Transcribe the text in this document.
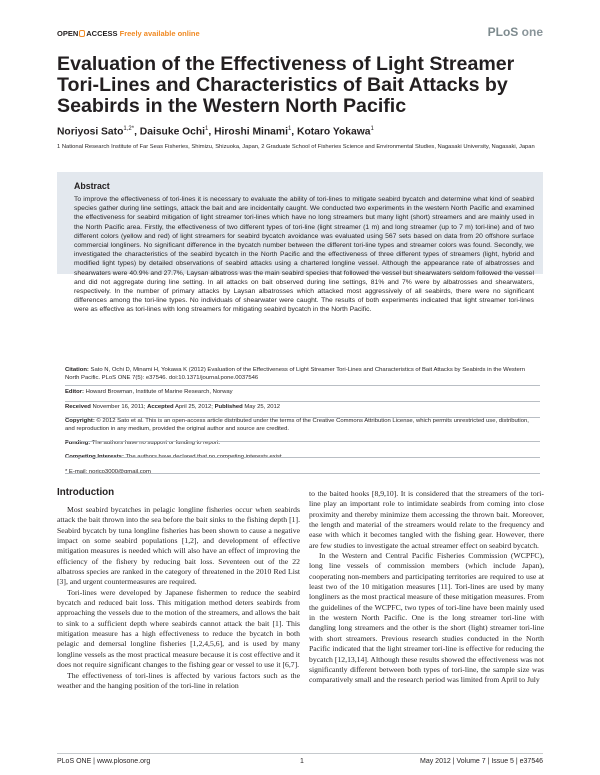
OPEN ACCESS Freely available online	PLoS one
Evaluation of the Effectiveness of Light Streamer Tori-Lines and Characteristics of Bait Attacks by Seabirds in the Western North Pacific
Noriyosi Sato$^{1,2*}$, Daisuke Ochi$^1$, Hiroshi Minami$^1$, Kotaro Yokawa$^1$
1 National Research Institute of Far Seas Fisheries, Shimizu, Shizuoka, Japan, 2 Graduate School of Fisheries Science and Environmental Studies, Nagasaki University, Nagasaki, Japan
Abstract

To improve the effectiveness of tori-lines it is necessary to evaluate the ability of tori-lines to mitigate seabird bycatch and determine what kind of seabird species gather during line settings, attack the bait and are incidentally caught. We conducted two experiments in the western North Pacific and examined the effectiveness for seabird mitigation of light streamer tori-lines which have no long streamers but many light (short) streamers and are mainly used in the North Pacific area. Firstly, the effectiveness of two different types of tori-line (light streamer (1 m) and long streamer (up to 7 m) tori-line) and of two different colors (yellow and red) of light streamers for seabird bycatch avoidance was evaluated using 567 sets based on data from 20 offshore surface commercial longliners. No significant difference in the bycatch number between the different tori-line types and streamer colors was found. Secondly, we investigated the characteristics of the seabird bycatch in the North Pacific and the effectiveness of three different types of streamers (light, hybrid and modified light types) by detailed observations of seabird attacks using a chartered longline vessel. Although the appearance rate of albatrosses and shearwaters were 40.9% and 27.7%, Laysan albatross was the main seabird species that followed the vessel but shearwaters seldom followed the vessel and did not aggregate during line setting. In all attacks on bait observed during line settings, 81% and 7% were by albatrosses and shearwaters, respectively. In the number of primary attacks by Laysan albatrosses which attacked most aggressively of all seabirds, there were no significant differences among the tori-line types. No individuals of shearwater were caught. The results of both experiments indicated that light streamer tori-lines were as effective as tori-lines with long streamers for mitigating seabird bycatch in the North Pacific.

Citation: Sato N, Ochi D, Minami H, Yokawa K (2012) Evaluation of the Effectiveness of Light Streamer Tori-Lines and Characteristics of Bait Attacks by Seabirds in the Western North Pacific. PLoS ONE 7(5): e37546. doi:10.1371/journal.pone.0037546

Editor: Howard Browman, Institute of Marine Research, Norway

Received November 16, 2011; Accepted April 25, 2012; Published May 25, 2012

Copyright: © 2012 Sato et al. This is an open-access article distributed under the terms of the Creative Commons Attribution License, which permits unrestricted use, distribution, and reproduction in any medium, provided the original author and source are credited.

Funding: The authors have no support or funding to report.

Competing Interests: The authors have declared that no competing interests exist.

* E-mail: norico3000@gmail.com

Introduction

Most seabird bycatches in pelagic longline fisheries occur when seabirds attack the bait thrown into the sea before the bait sinks to the fishing depth [1]. Seabird bycatch by tuna longline fisheries has been shown to cause a negative impact on some seabird populations [1,2], and development of effective mitigation measures is needed which will also have an effect of improving the efficiency of the fishery by reducing bait loss. Seventeen out of the 22 albatross species are ranked in the category of threatened in the 2010 Red List [3], and urgent countermeasures are required.

Tori-lines were developed by Japanese fishermen to reduce the seabird bycatch and reduced bait loss. This mitigation method deters seabirds from approaching the vessels due to the motion of the streamers, and allows the bait to sink to a sufficient depth where seabirds cannot attack the bait [1]. This mitigation measure has a high effectiveness to reduce the bycatch in both pelagic and demersal longline fisheries [1,2,4,5,6], and is used by many longline vessels as the most practical measure because it is cost effective and it does not require significant changes to the fishing gear or vessel to use it [6,7].

The effectiveness of tori-lines is affected by various factors such as the weather and the hanging position of the tori-line in relation

to the baited hooks [8,9,10]. It is considered that the streamers of the tori-line play an important role to intimidate seabirds from coming into close proximity and thereby minimize them accessing the thrown bait. Moreover, the length and material of the streamers would relate to the frequency and ease with which it becomes tangled with the fishing gear. However, there are few studies to investigate the actual streamer effect on seabird bycatch.

In the Western and Central Pacific Fisheries Commission (WCPFC), long line vessels of commission members (which include Japan), cooperating non-members and participating territories are required to use at least two of the 10 mitigation measures [11]. Tori-lines are used by many longliners as the most practical measure of these mitigation measures. From the guidelines of the WCPFC, two types of tori-line have been mainly used in the western North Pacific. One is the long streamer tori-line with dangling long streamers and the other is the short (light) streamer tori-line with short streamers. Previous research studies conducted in the North Pacific indicated that the light streamer tori-line is effective for reducing the bycatch [12,13,14]. Although these results showed the effectiveness was not significantly different between both types of tori-line, the sample size was comparatively small and the research period was limited from April to July

PLoS ONE | www.plosone.org	1	May 2012 | Volume 7 | Issue 5 | e37546
